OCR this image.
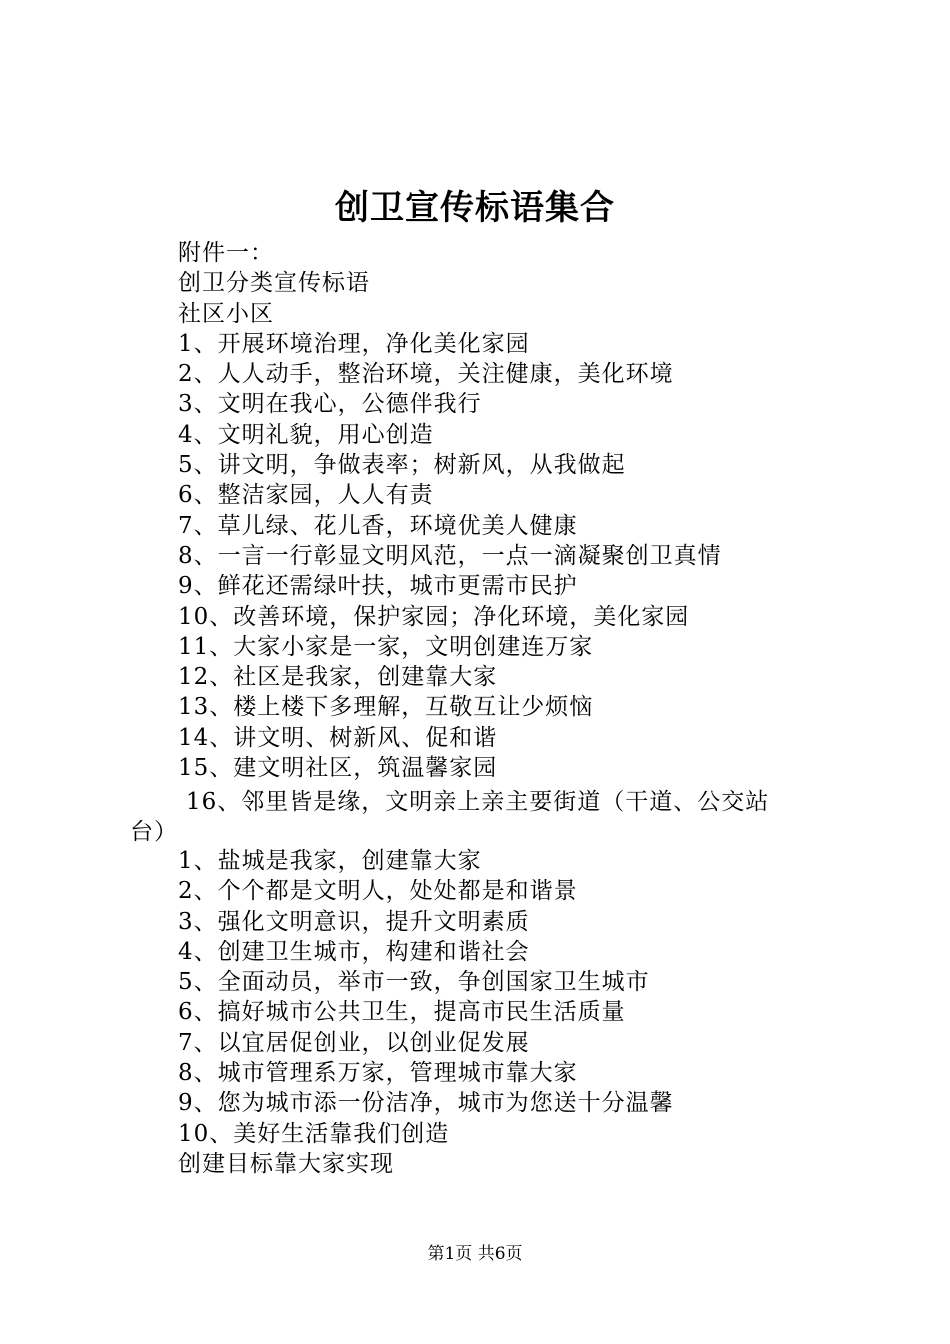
创卫宣传标语集合
附件一：
创卫分类宣传标语
社区小区
1、开展环境治理，净化美化家园
2、人人动手，整治环境，关注健康，美化环境
3、文明在我心，公德伴我行
4、文明礼貌，用心创造
5、讲文明，争做表率；树新风，从我做起
6、整洁家园，人人有责
7、草儿绿、花儿香，环境优美人健康
8、一言一行彰显文明风范，一点一滴凝聚创卫真情
9、鲜花还需绿叶扶，城市更需市民护
10、改善环境，保护家园；净化环境，美化家园
11、大家小家是一家，文明创建连万家
12、社区是我家，创建靠大家
13、楼上楼下多理解，互敬互让少烦恼
14、讲文明、树新风、促和谐
15、建文明社区，筑温馨家园
16、邻里皆是缘，文明亲上亲主要街道（干道、公交站
台）
1、盐城是我家，创建靠大家
2、个个都是文明人，处处都是和谐景
3、强化文明意识，提升文明素质
4、创建卫生城市，构建和谐社会
5、全面动员，举市一致，争创国家卫生城市
6、搞好城市公共卫生，提高市民生活质量
7、以宜居促创业，以创业促发展
8、城市管理系万家，管理城市靠大家
9、您为城市添一份洁净，城市为您送十分温馨
10、美好生活靠我们创造
创建目标靠大家实现
第1页 共6页
